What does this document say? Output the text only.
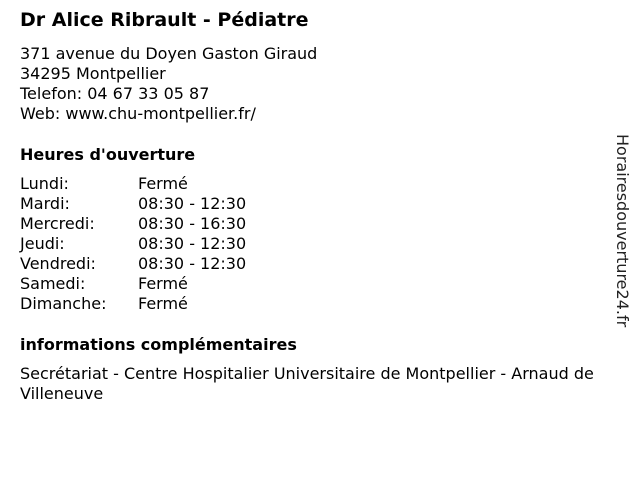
Dr Alice Ribrault - Pédiatre
371 avenue du Doyen Gaston Giraud
34295 Montpellier
Telefon: 04 67 33 05 87
Web: www.chu-montpellier.fr/
Heures d'ouverture
Lundi:	Fermé
Mardi:	08:30 - 12:30
Mercredi:	08:30 - 16:30
Jeudi:	08:30 - 12:30
Vendredi:	08:30 - 12:30
Samedi:	Fermé
Dimanche: Fermé
informations complémentaires
Secrétariat - Centre Hospitalier Universitaire de Montpellier - Arnaud de Villeneuve
Horairesdouverture24.fr
